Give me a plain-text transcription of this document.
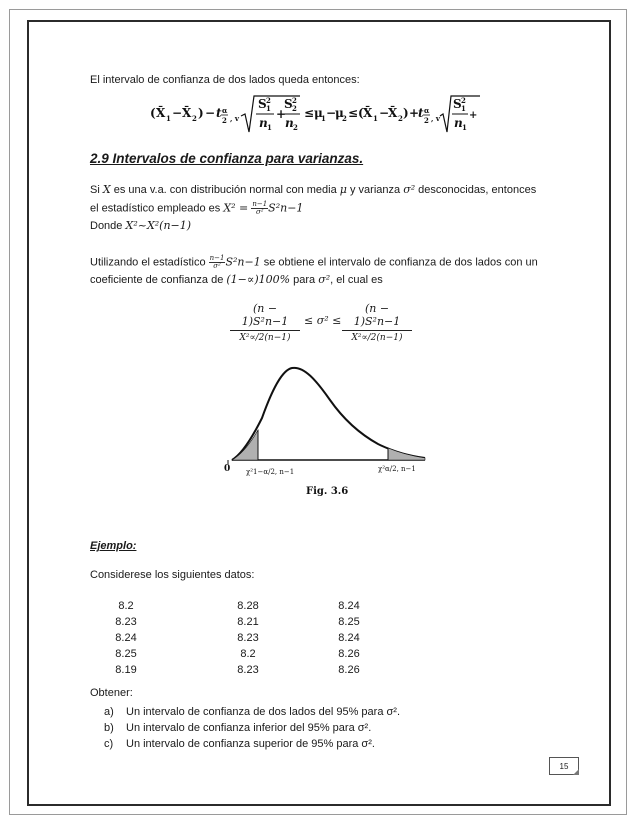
El intervalo de confianza de dos lados queda entonces:
( X̄ 1 − X̄ 2 ) − t α
2 , v
S 2
1
n 1
+
S 2
2
n 2
≤ μ
1 −
μ
2 ≤ ( X̄ 1 −
X̄ 2 ) +
t α
2 , v
S 2
1
n 1
+
2.9 Intervalos de confianza para varianzas.
Si X es una v.a. con distribución normal con media μ y varianza σ² desconocidas, entonces
el estadístico empleado es $X^2 = \frac{n-1}{\text{σ²}} S^2n-1$
Donde X²~X²(n−1)
Utilizando el estadístico $\frac{n-1}{\text{σ²}} S^2n-1$ se obtiene el intervalo de confianza de dos lados con un
coeficiente de confianza de (1−∝)100% para σ², el cual es
(n − 1)S²n−1
X²∝/2(n−1)
≤ σ² ≤
(n − 1)S²n−1
X²∝/2(n−1)
0 χ²1−α/2, n−1	χ²α/2, n−1
Fig. 3.6
Ejemplo:
Considerese los siguientes datos:
8.2	8.28	8.24
8.23	8.21	8.25
8.24	8.23	8.24
8.25	8.2	8.26
8.19	8.23	8.26
Obtener:
a)	Un intervalo de confianza de dos lados del 95% para σ².
b)	Un intervalo de confianza inferior del 95% para σ².
c)	Un intervalo de confianza superior de 95% para σ².
15
